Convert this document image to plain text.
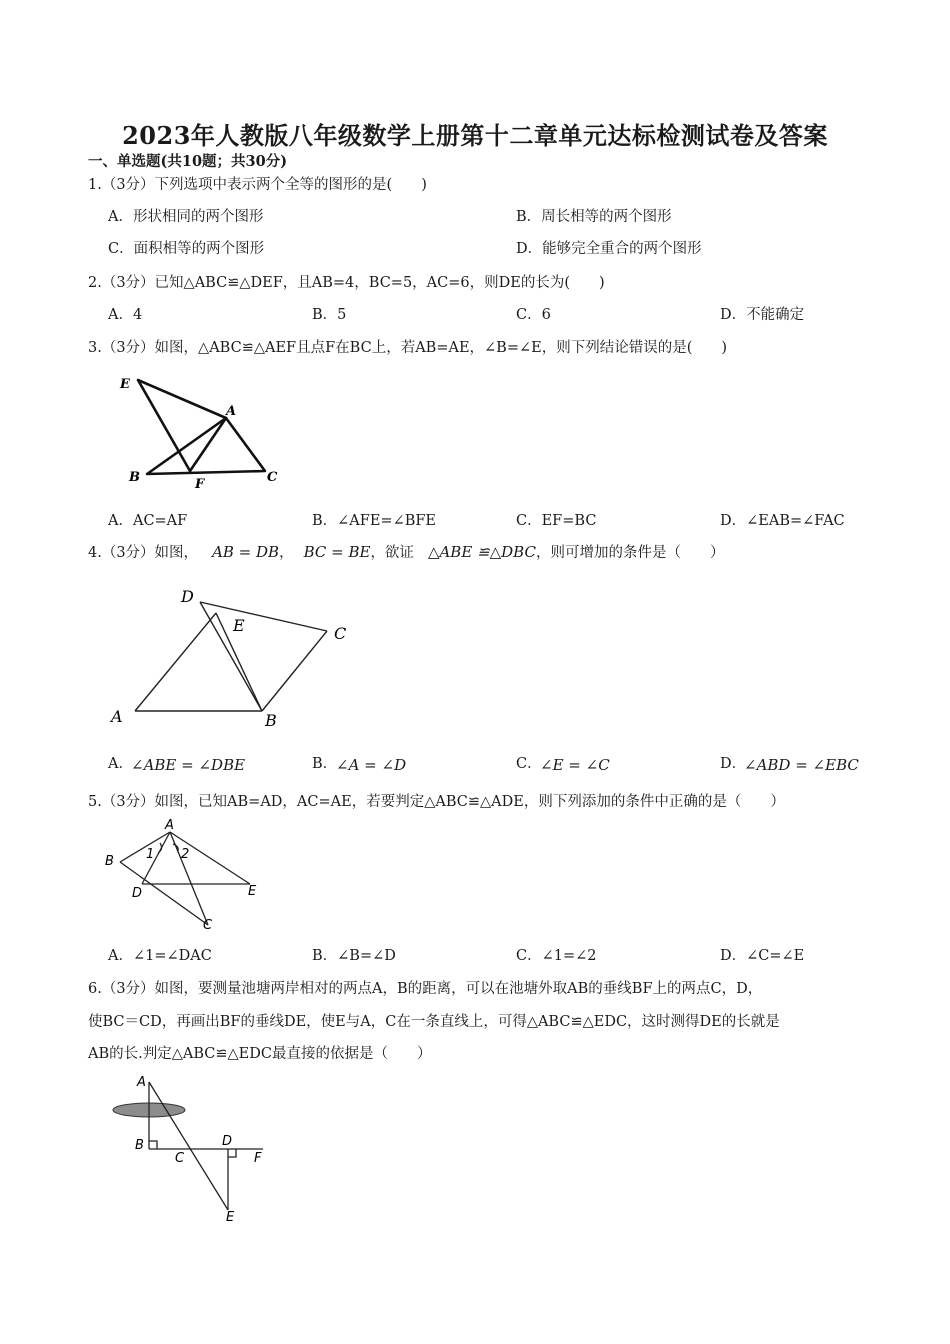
2023年人教版八年级数学上册第十二章单元达标检测试卷及答案
一、单选题(共10题；共30分)
1.（3分）下列选项中表示两个全等的图形的是(　　)
A．形状相同的两个图形	B．周长相等的两个图形
C．面积相等的两个图形	D．能够完全重合的两个图形
2.（3分）已知△ABC≌△DEF，且AB=4，BC=5，AC=6，则DE的长为(　　)
A．4	B．5	C．6	D．不能确定
3.（3分）如图，△ABC≌△AEF且点F在BC上，若AB=AE，∠B=∠E，则下列结论错误的是(　　)
E
A
B	F	C
A．AC=AF	B．∠AFE=∠BFE	C．EF=BC	D．∠EAB=∠FAC
4.（3分）如图， AB = DB， BC = BE，欲证 △ABE ≌△DBC，则可增加的条件是（　　）
D
E	C
A	B
A．
∠ABE = ∠DBE	B．
∠A = ∠D	C．
∠E = ∠C	D．
∠ABD = ∠EBC
5.（3分）如图，已知AB=AD，AC=AE，若要判定△ABC≌△ADE，则下列添加的条件中正确的是（　　）
A
B
D	E
C
1 2
A．∠1=∠DAC	B．∠B=∠D	C．∠1=∠2	D．∠C=∠E
6.（3分）如图，要测量池塘两岸相对的两点A，B的距离，可以在池塘外取AB的垂线BF上的两点C，D，
使BC＝CD，再画出BF的垂线DE，使E与A，C在一条直线上，可得△ABC≌△EDC，这时测得DE的长就是
AB的长.判定△ABC≌△EDC最直接的依据是（　　）
A
B
C
D
F
E
